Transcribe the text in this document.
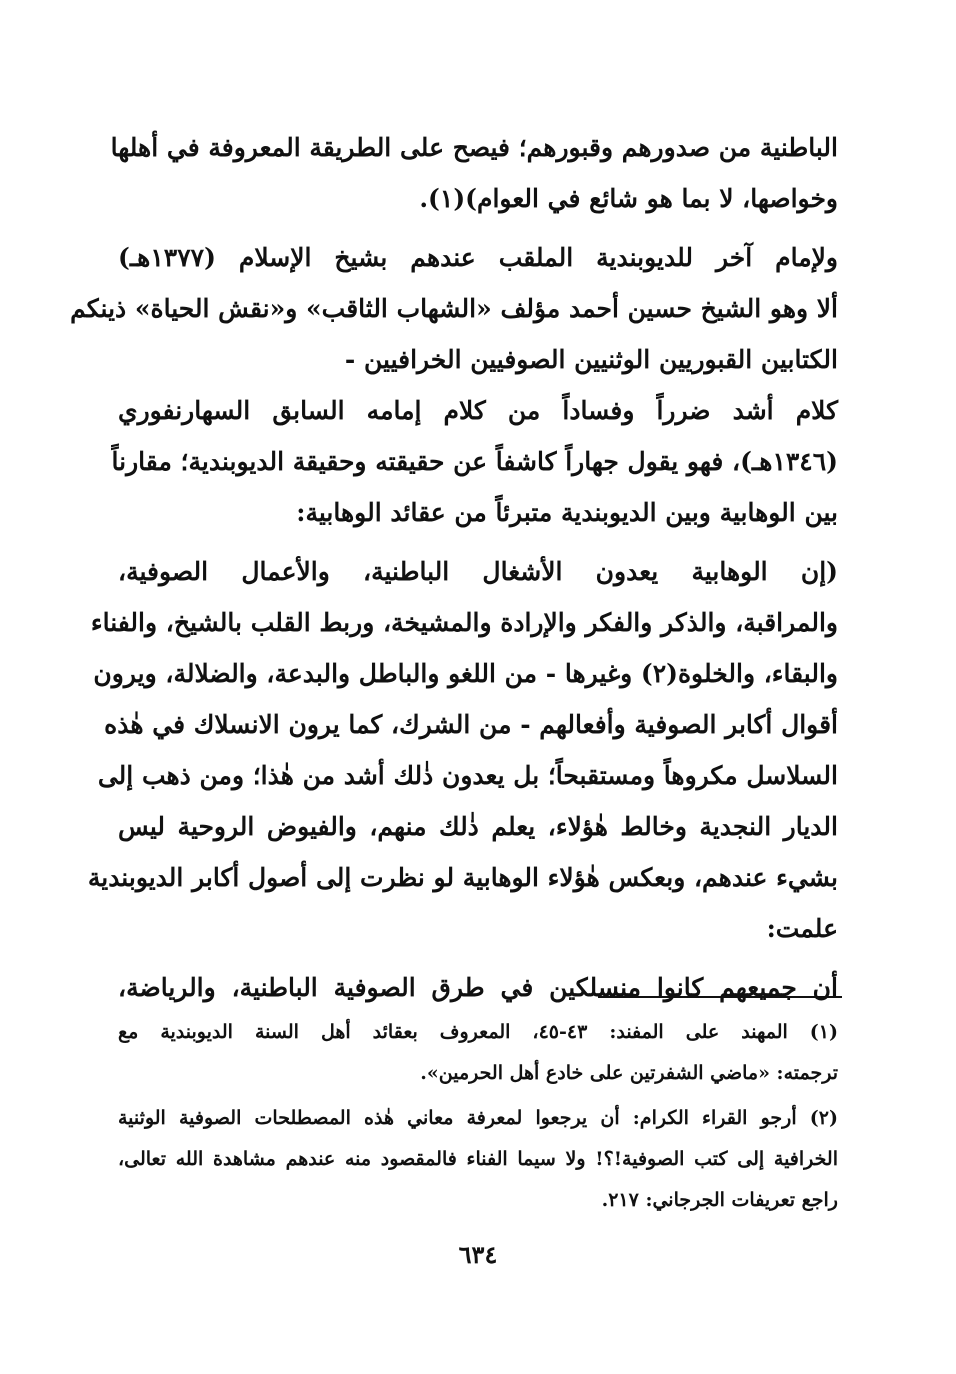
الباطنية من صدورهم وقبورهم؛ فيصح على الطريقة المعروفة في أهلها
وخواصها، لا بما هو شائع في العوام)(١).
ولإمام آخر للديوبندية الملقب عندهم بشيخ الإسلام (١٣٧٧هـ)
ألا وهو الشيخ حسين أحمد مؤلف «الشهاب الثاقب» و«نقش الحياة» ذينكم
الكتابين القبوريين الوثنيين الصوفيين الخرافيين -
كلام أشد ضرراً وفساداً من كلام إمامه السابق السهارنفوري
(١٣٤٦هـ)، فهو يقول جهاراً كاشفاً عن حقيقته وحقيقة الديوبندية؛ مقارناً
بين الوهابية وبين الديوبندية متبرئاً من عقائد الوهابية:
(إن الوهابية يعدون الأشغال الباطنية، والأعمال الصوفية،
والمراقبة، والذكر والفكر والإرادة والمشيخة، وربط القلب بالشيخ، والفناء
والبقاء، والخلوة(٢) وغيرها - من اللغو والباطل والبدعة، والضلالة، ويرون
أقوال أكابر الصوفية وأفعالهم - من الشرك، كما يرون الانسلاك في هٰذه
السلاسل مكروهاً ومستقبحاً؛ بل يعدون ذٰلك أشد من هٰذا؛ ومن ذهب إلى
الديار النجدية وخالط هٰؤلاء، يعلم ذٰلك منهم، والفيوض الروحية ليس
بشيء عندهم، وبعكس هٰؤلاء الوهابية لو نظرت إلى أصول أكابر الديوبندية
علمت:
أن جميعهم كانوا منسلكين في طرق الصوفية الباطنية، والرياضة،
(١) المهند على المفند: ٤٣-٤٥، المعروف بعقائد أهل السنة الديوبندية مع
ترجمته: «ماضي الشفرتين على خادع أهل الحرمين».
(٢) أرجو القراء الكرام: أن يرجعوا لمعرفة معاني هٰذه المصطلحات الصوفية الوثنية
الخرافية إلى كتب الصوفية!؟! ولا سيما الفناء فالمقصود منه عندهم مشاهدة الله تعالى،
راجع تعريفات الجرجاني: ٢١٧.
٦٣٤
